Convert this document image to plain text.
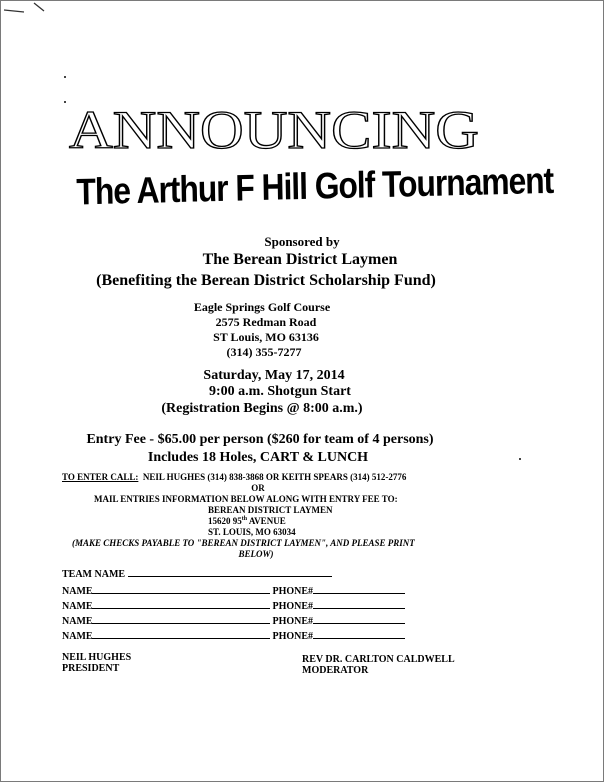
ANNOUNCING
The Arthur F Hill Golf Tournament
Sponsored by
The Berean District Laymen
(Benefiting the Berean District Scholarship Fund)
Eagle Springs Golf Course
2575 Redman Road
ST Louis, MO 63136
(314) 355-7277
Saturday, May 17, 2014
9:00 a.m. Shotgun Start
(Registration Begins @ 8:00 a.m.)
Entry Fee - $65.00 per person ($260 for team of 4 persons)
Includes 18 Holes, CART & LUNCH
TO ENTER CALL: NEIL HUGHES (314) 838-3868 OR KEITH SPEARS (314) 512-2776
OR
MAIL ENTRIES INFORMATION BELOW ALONG WITH ENTRY FEE TO:
BEREAN DISTRICT LAYMEN
15620 95th AVENUE
ST. LOUIS, MO 63034
(MAKE CHECKS PAYABLE TO "BEREAN DISTRICT LAYMEN", AND PLEASE PRINT
BELOW)
TEAM NAME
NAME	PHONE#
NAME	PHONE#
NAME	PHONE#
NAME	PHONE#
NEIL HUGHES
PRESIDENT
REV DR. CARLTON CALDWELL
MODERATOR
